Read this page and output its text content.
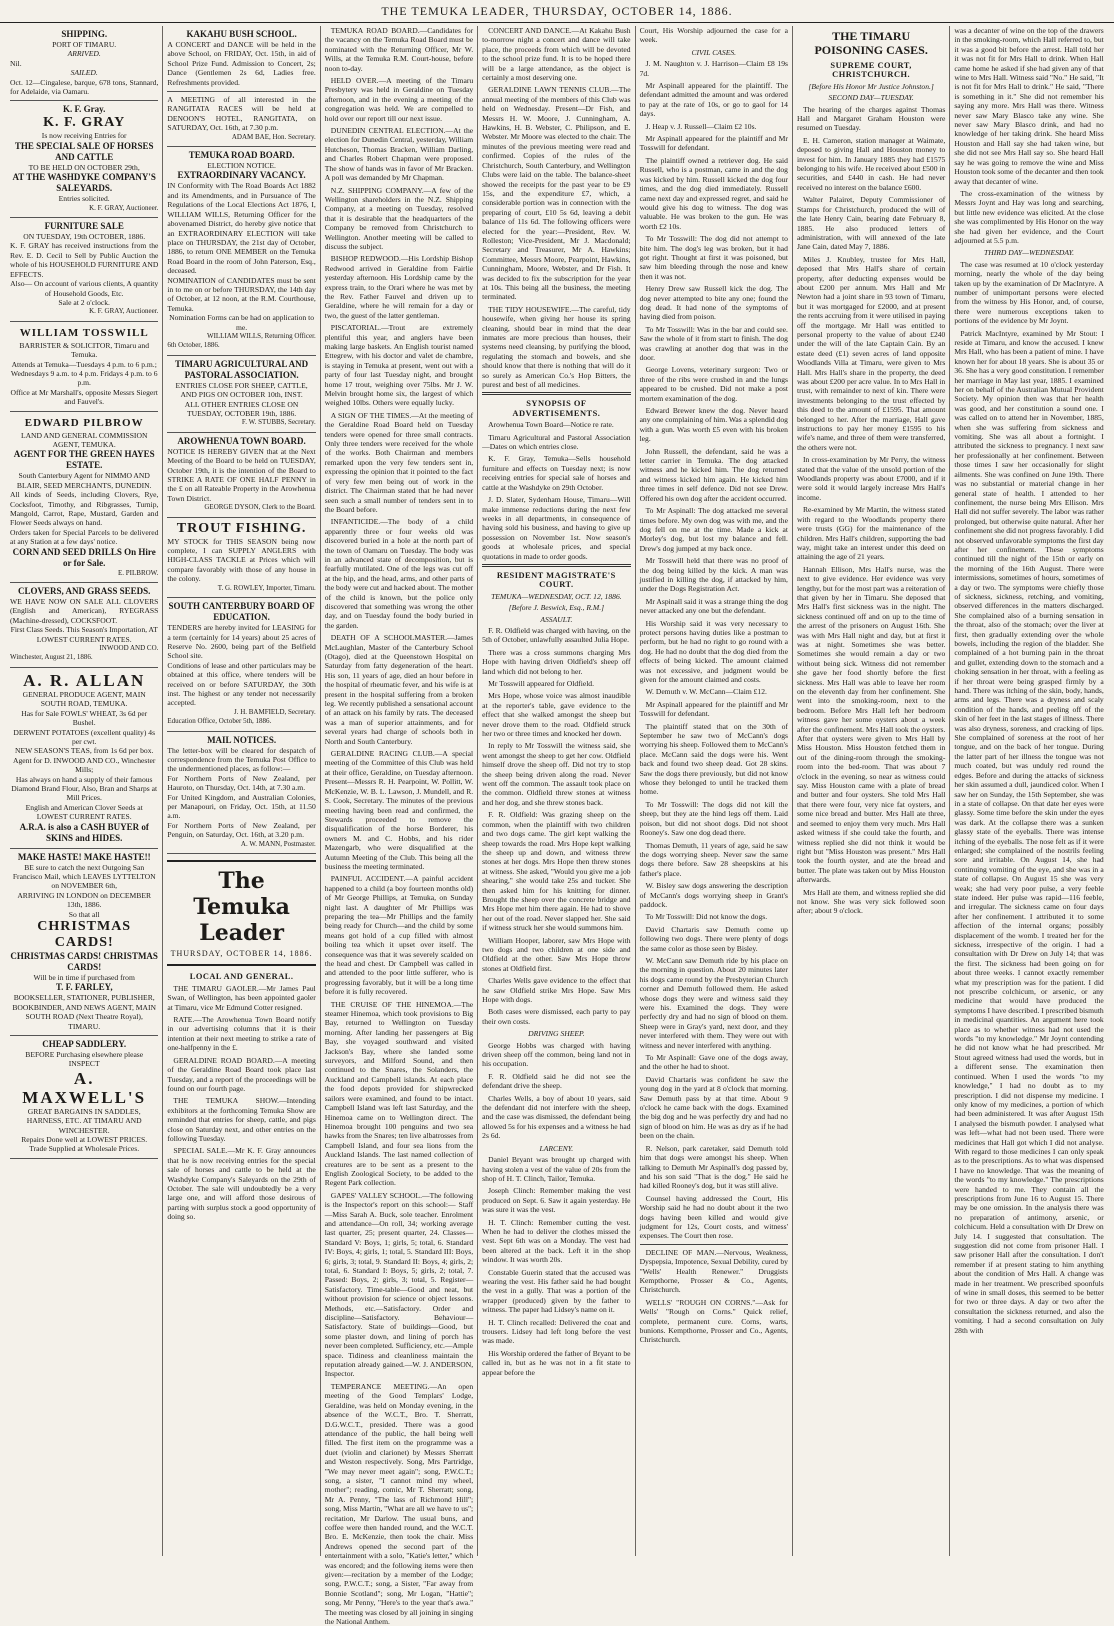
THE TEMUKA LEADER, THURSDAY, OCTOBER 14, 1886.
SHIPPING.
PORT OF TIMARU.
ARRIVED.
Nil.
SAILED.
Oct. 12—Cingalese, barque, 678 tons, Stannard, for Adelaide, via Oamaru.
K. F. Gray.
K. F. GRAY
Is now receiving Entries for
THE SPECIAL SALE OF HORSES AND CATTLE
TO BE HELD ON OCTOBER 29th,
AT THE WASHDYKE COMPANY'S SALEYARDS.
Entries solicited.
K. F. GRAY, Auctioneer.
FURNITURE SALE
ON TUESDAY, 19th OCTOBER, 1886.
K. F. GRAY has received instructions from the Rev. E. D. Cecil to Sell by Public Auction the whole of his HOUSEHOLD FURNITURE AND EFFECTS.
Also— On account of various clients, A quantity of Household Goods, Etc.
Sale at 2 o'clock.
K. F. GRAY, Auctioneer.
WILLIAM TOSSWILL
BARRISTER & SOLICITOR, Timaru and Temuka.
Attends at Temuka—Tuesdays 4 p.m. to 6 p.m.; Wednesdays 9 a.m. to 4 p.m. Fridays 4 p.m. to 6 p.m.
Office at Mr Marshall's, opposite Messrs Siegert and Fauvel's.
EDWARD PILBROW
LAND AND GENERAL COMMISSION AGENT, TEMUKA.
AGENT FOR THE GREEN HAYES ESTATE.
South Canterbury Agent for NIMMO AND BLAIR, SEED MERCHANTS, DUNEDIN.
All kinds of Seeds, including Clovers, Rye, Cocksfoot, Timothy, and Ribgrasses, Turnip, Mangold, Carrot, Rape, Mustard, Garden and Flower Seeds always on hand.
Orders taken for Special Parcels to be delivered at any Station at a few days' notice.
CORN AND SEED DRILLS On Hire or for Sale.
E. PILBROW.
CLOVERS, AND GRASS SEEDS.
WE HAVE NOW ON SALE ALL CLOVERS (English and American), RYEGRASS (Machine-dressed), COCKSFOOT.
First Class Seeds. This Season's Importation, AT LOWEST CURRENT RATES.
INWOOD AND CO.
Winchester, August 21, 1886.
A. R. ALLAN
GENERAL PRODUCE AGENT, MAIN SOUTH ROAD, TEMUKA.
Has for Sale FOWLS' WHEAT, 3s 6d per Bushel.
DERWENT POTATOES (excellent quality) 4s per cwt.
NEW SEASON'S TEAS, from 1s 6d per box.
Agent for D. INWOOD AND CO., Winchester Mills;
Has always on hand a supply of their famous Diamond Brand Flour, Also, Bran and Sharps at Mill Prices.
English and American Clover Seeds at LOWEST CURRENT RATES.
A.R.A. is also a CASH BUYER of SKINS and HIDES.
MAKE HASTE! MAKE HASTE!!
BE sure to catch the next Outgoing San Francisco Mail, which LEAVES LYTTELTON on NOVEMBER 6th,
ARRIVING IN LONDON on DECEMBER 13th, 1886.
So that all
CHRISTMAS CARDS!
CHRISTMAS CARDS! CHRISTMAS CARDS!
Will be in time if purchased from
T. F. FARLEY,
BOOKSELLER, STATIONER, PUBLISHER, BOOKBINDER, AND NEWS AGENT, MAIN SOUTH ROAD (Next Theatre Royal), TIMARU.
CHEAP SADDLERY.
BEFORE Purchasing elsewhere please INSPECT
A. MAXWELL'S
GREAT BARGAINS IN SADDLES, HARNESS, ETC. AT TIMARU AND WINCHESTER.
Repairs Done well at LOWEST PRICES.
Trade Supplied at Wholesale Prices.
KAKAHU BUSH SCHOOL.
A CONCERT and DANCE will be held in the above School, on FRIDAY, Oct. 15th, in aid of School Prize Fund. Admission to Concert, 2s; Dance (Gentlemen 2s 6d, Ladies free. Refreshments provided.
A MEETING of all interested in the RANGITATA RACES will be held at DENOON'S HOTEL, RANGITATA, on SATURDAY, Oct. 16th, at 7.30 p.m.
ADAM BAE, Hon. Secretary.
TEMUKA ROAD BOARD.
ELECTION NOTICE.
EXTRAORDINARY VACANCY.
IN Conformity with The Road Boards Act 1882 and its Amendments, and in Pursuance of The Regulations of the Local Elections Act 1876, I, WILLIAM WILLS, Returning Officer for the abovenamed District, do hereby give notice that an EXTRAORDINARY ELECTION will take place on THURSDAY, the 21st day of October, 1886, to return ONE MEMBER on the Temuka Road Board in the room of John Paterson, Esq., deceased.
NOMINATION of CANDIDATES must be sent in to me on or before THURSDAY, the 14th day of October, at 12 noon, at the R.M. Courthouse, Temuka.
Nomination Forms can be had on application to me.
WILLIAM WILLS, Returning Officer.
6th October, 1886.
TIMARU AGRICULTURAL AND PASTORAL ASSOCIATION.
ENTRIES CLOSE FOR SHEEP, CATTLE, AND PIGS ON OCTOBER 10th, INST.
ALL OTHER ENTRIES CLOSE ON TUESDAY, OCTOBER 19th, 1886.
F. W. STUBBS, Secretary.
AROWHENUA TOWN BOARD.
NOTICE IS HEREBY GIVEN that at the Next Meeting of the Board to be held on TUESDAY, October 19th, it is the intention of the Board to STRIKE A RATE OF ONE HALF PENNY in the £ on all Rateable Property in the Arowhenua Town District.
GEORGE DYSON, Clerk to the Board.
TROUT FISHING.
MY STOCK for THIS SEASON being now complete, I can SUPPLY ANGLERS with HIGH-CLASS TACKLE at Prices which will compare favorably with those of any house in the colony.
T. G. ROWLEY, Importer, Timaru.
SOUTH CANTERBURY BOARD OF EDUCATION.
TENDERS are hereby invited for LEASING for a term (certainly for 14 years) about 25 acres of Reserve No. 2600, being part of the Belfield School site.
Conditions of lease and other particulars may be obtained at this office, where tenders will be received on or before SATURDAY, the 30th inst. The highest or any tender not necessarily accepted.
J. H. BAMFIELD, Secretary.
Education Office, October 5th, 1886.
MAIL NOTICES.
The letter-box will be cleared for despatch of correspondence from the Temuka Post Office to the undermentioned places, as follow:—
For Northern Ports of New Zealand, per Hauroto, on Thursday, Oct. 14th, at 7.30 a.m.
For United Kingdom, and Australian Colonies, per Manapouri, on Friday, Oct. 15th, at 11.50 a.m.
For Northern Ports of New Zealand, per Penguin, on Saturday, Oct. 16th, at 3.20 p.m.
A. W. MANN, Postmaster.
The Temuka Leader
THURSDAY, OCTOBER 14, 1886.
LOCAL AND GENERAL.

THE TIMARU GAOLER.—Mr James Paul Swan, of Wellington, has been appointed gaoler at Timaru, vice Mr Edmund Cotter resigned.

RATE.—The Arowhenua Town Board notify in our advertising columns that it is their intention at their next meeting to strike a rate of one-halfpenny in the £.

GERALDINE ROAD BOARD.—A meeting of the Geraldine Road Board took place last Tuesday, and a report of the proceedings will be found on our fourth page.

THE TEMUKA SHOW.—Intending exhibitors at the forthcoming Temuka Show are reminded that entries for sheep, cattle, and pigs close on Saturday next, and other entries on the following Tuesday.

SPECIAL SALE.—Mr K. F. Gray announces that he is now receiving entries for the special sale of horses and cattle to be held at the Washdyke Company's Saleyards on the 29th of October. The sale will undoubtedly be a very large one, and will afford those desirous of parting with surplus stock a good opportunity of doing so.

TEMUKA ROAD BOARD.—Candidates for the vacancy on the Temuka Road Board must be nominated with the Returning Officer, Mr W. Wills, at the Temuka R.M. Court-house, before noon to-day.

HELD OVER.—A meeting of the Timaru Presbytery was held in Geraldine on Tuesday afternoon, and in the evening a meeting of the congregation was held. We are compelled to hold over our report till our next issue.

DUNEDIN CENTRAL ELECTION.—At the election for Dunedin Central, yesterday, William Hutcheson, Thomas Bracken, William Darling, and Charles Robert Chapman were proposed. The show of hands was in favor of Mr Bracken. A poll was demanded by Mr Chapman.

N.Z. SHIPPING COMPANY.—A few of the Wellington shareholders in the N.Z. Shipping Company, at a meeting on Tuesday, resolved that it is desirable that the headquarters of the Company be removed from Christchurch to Wellington. Another meeting will be called to discuss the subject.

BISHOP REDWOOD.—His Lordship Bishop Redwood arrived in Geraldine from Fairlie yesterday afternoon. His Lordship came by the express train, to the Orari where he was met by the Rev. Father Fauvel and driven up to Geraldine, where he will remain for a day or two, the guest of the latter gentleman.

PISCATORIAL.—Trout are extremely plentiful this year, and anglers have been making large baskets. An English tourist named Ettegrew, with his doctor and valet de chambre, is staying in Temuka at present, went out with a party of four last Tuesday night, and brought home 17 trout, weighing over 75lbs. Mr J. W. Melvin brought home six, the largest of which weighed 10lbs. Others were equally lucky.

A SIGN OF THE TIMES.—At the meeting of the Geraldine Road Board held on Tuesday tenders were opened for three small contracts. Only three tenders were received for the whole of the works. Both Chairman and members remarked upon the very few tenders sent in, expressing the opinion that it pointed to the fact of very few men being out of work in the district. The Chairman stated that he had never seen such a small number of tenders sent in to the Board before.

INFANTICIDE.—The body of a child apparently three or four weeks old was discovered buried in a hole at the north part of the town of Oamaru on Tuesday. The body was in an advanced state of decomposition, but is fearfully mutilated. One of the legs was cut off at the hip, and the head, arms, and other parts of the body were cut and hacked about. The mother of the child is known, but the police only discovered that something was wrong the other day, and on Tuesday found the body buried in the garden.

DEATH OF A SCHOOLMASTER.—James McLaughlan, Master of the Canterbury School (Otago), died at the Queenstown Hospital on Saturday from fatty degeneration of the heart. His son, 11 years of age, died an hour before in the hospital of rheumatic fever, and his wife is at present in the hospital suffering from a broken leg. We recently published a sensational account of an attack on his family by rats. The deceased was a man of superior attainments, and for several years had charge of schools both in North and South Canterbury.

GERALDINE RACING CLUB.—A special meeting of the Committee of this Club was held at their office, Geraldine, on Tuesday afternoon. Present—Messrs R. H. Pearpoint, W. Pollitt, W. McKenzie, W. B. L. Lawson, J. Mundell, and R. S. Cook, Secretary. The minutes of the previous meeting having been read and confirmed, the Stewards proceeded to remove the disqualification of the horse Borderer, his owners M. and C. Hobbs, and his rider Mazengarb, who were disqualified at the Autumn Meeting of the Club. This being all the business the meeting terminated.

PAINFUL ACCIDENT.—A painful accident happened to a child (a boy fourteen months old) of Mr George Phillips, at Temuka, on Sunday night last. A daughter of Mr Phillips was preparing the tea—Mr Phillips and the family being ready for Church—and the child by some means got hold of a cup filled with almost boiling tea which it upset over itself. The consequence was that it was severely scalded on the head and chest. Dr Campbell was called in and attended to the poor little sufferer, who is progressing favorably, but it will be a long time before it is fully recovered.

THE CRUISE OF THE HINEMOA.—The steamer Hinemoa, which took provisions to Big Bay, returned to Wellington on Tuesday morning. After landing her passengers at Big Bay, she voyaged southward and visited Jackson's Bay, where she landed some surveyors, and Milford Sound, and then continued to the Snares, the Solanders, the Auckland and Campbell islands. At each place the food depots provided for shipwrecked sailors were examined, and found to be intact. Campbell Island was left last Saturday, and the Hinemoa came on to Wellington direct. The Hinemoa brought 100 penguins and two sea hawks from the Snares; ten live albatrosses from Campbell Island, and four sea lions from the Auckland Islands. The last named collection of creatures are to be sent as a present to the English Zoological Society, to be added to the Regent Park collection.

GAPES' VALLEY SCHOOL.—The following is the Inspector's report on this school:— Staff—Miss Sarah A. Buck, sole teacher. Enrolment and attendance—On roll, 34; working average last quarter, 25; present quarter, 24. Classes—Standard V: Boys, 1; girls, 5; total, 6. Standard IV: Boys, 4; girls, 1; total, 5. Standard III: Boys, 6; girls, 3; total, 9. Standard II: Boys, 4; girls, 2; total, 6. Standard I: Boys, 5; girls, 2; total, 7. Passed: Boys, 2; girls, 3; total, 5. Register—Satisfactory. Time-table—Good and neat, but without provision for science or object lessons. Methods, etc.—Satisfactory. Order and discipline—Satisfactory. Behaviour—Satisfactory. State of buildings—Good, but some plaster down, and lining of porch has never been completed. Sufficiency, etc.—Ample space. Tidiness and cleanliness maintain the reputation already gained.—W. J. ANDERSON, Inspector.

TEMPERANCE MEETING.—An open meeting of the Good Templars' Lodge, Geraldine, was held on Monday evening, in the absence of the W.C.T., Bro. T. Sherratt, D.G.W.C.T., presided. There was a good attendance of the public, the hall being well filled. The first item on the programme was a duet (violin and clarionet) by Messrs Sherratt and Weston respectively. Song, Mrs Partridge, "We may never meet again"; song, P.W.C.T.; song, a sister, "I cannot mind my wheel, mother"; reading, comic, Mr T. Sherratt; song, Mr A. Penny, "The lass of Richmond Hill"; song, Miss Martin, "What are all we have to us"; recitation, Mr Darlow. The usual buns, and coffee were then handed round, and the W.C.T. Bro. E. McKenzie, then took the chair. Miss Andrews opened the second part of the entertainment with a solo, "Katie's letter," which was encored; and the following items were then given:—recitation by a member of the Lodge; song, P.W.C.T.; song, a Sister, "Far away from Bonnie Scotland"; song, Mr Logan, "Hattie"; song, Mr Penny, "Here's to the year that's awa." The meeting was closed by all joining in singing the National Anthem.

CONCERT AND DANCE.—At Kakahu Bush to-morrow night a concert and dance will take place, the proceeds from which will be devoted to the school prize fund. It is to be hoped there will be a large attendance, as the object is certainly a most deserving one.

GERALDINE LAWN TENNIS CLUB.—The annual meeting of the members of this Club was held on Wednesday. Present—Dr Fish, and Messrs H. W. Moore, J. Cunningham, A. Hawkins, H. B. Webster, C. Philipson, and E. Webster. Mr Moore was elected to the chair. The minutes of the previous meeting were read and confirmed. Copies of the rules of the Christchurch, South Canterbury, and Wellington Clubs were laid on the table. The balance-sheet showed the receipts for the past year to be £9 15s, and the expenditure £7, which, a considerable portion was in connection with the preparing of court, £10 5s 6d, leaving a debit balance of 11s 6d. The following officers were elected for the year:—President, Rev. W. Rolleston; Vice-President, Mr J. Macdonald; Secretary and Treasurer, Mr A. Hawkins; Committee, Messrs Moore, Pearpoint, Hawkins, Cunningham, Moore, Webster, and Dr Fish. It was decided to fix the subscription for the year at 10s. This being all the business, the meeting terminated.

THE TIDY HOUSEWIFE.—The careful, tidy housewife, when giving her house its spring cleaning, should bear in mind that the dear inmates are more precious than houses, their systems need cleansing, by purifying the blood, regulating the stomach and bowels, and she should know that there is nothing that will do it so surely as American Co.'s Hop Bitters, the purest and best of all medicines.

SYNOPSIS OF ADVERTISEMENTS.

Arowhenua Town Board—Notice re rate.

Timaru Agricultural and Pastoral Association—Dates on which entries close.

K. F. Gray, Temuka—Sells household furniture and effects on Tuesday next; is now receiving entries for special sale of horses and cattle at the Washdyke on 29th October.

J. D. Slater, Sydenham House, Timaru—Will make immense reductions during the next few weeks in all departments, in consequence of having sold his business, and having to give up possession on November 1st. Now season's goods at wholesale prices, and special quotations in made to order goods.

RESIDENT MAGISTRATE'S COURT.
TEMUKA—WEDNESDAY, OCT. 12, 1886.
[Before J. Beswick, Esq., R.M.]
ASSAULT.

F. R. Oldfield was charged with having, on the 5th of October, unlawfully assaulted Julia Hope.

There was a cross summons charging Mrs Hope with having driven Oldfield's sheep off land which did not belong to her.

Mr Tosswill appeared for Oldfield.

Mrs Hope, whose voice was almost inaudible at the reporter's table, gave evidence to the effect that she walked amongst the sheep but never drove them to the road. Oldfield struck her two or three times and knocked her down.

In reply to Mr Tosswill the witness said, she went amongst the sheep to get her cow. Oldfield himself drove the sheep off. Did not try to stop the sheep being driven along the road. Never went off the common. The assault took place on the common. Oldfield threw stones at witness and her dog, and she threw stones back.

F. R. Oldfield: Was grazing sheep on the common, when the plaintiff with two children and two dogs came. The girl kept walking the sheep towards the road. Mrs Hope kept walking the sheep up and down, and witness threw stones at her dogs. Mrs Hope then threw stones at witness. She asked, "Would you give me a job shearing," she would take 25s and tucker. She then asked him for his knitting for dinner. Brought the sheep over the concrete bridge and Mrs Hope met him there again. He had to shove her out of the road. Never slapped her. She said if witness struck her she would summons him.

William Hooper, laborer, saw Mrs Hope with two dogs and two children at one side and Oldfield at the other. Saw Mrs Hope throw stones at Oldfield first.

Charles Wells gave evidence to the effect that he saw Oldfield strike Mrs Hope. Saw Mrs Hope with dogs.

Both cases were dismissed, each party to pay their own costs.

DRIVING SHEEP.

George Hobbs was charged with having driven sheep off the common, being land not in his occupation.

F. R. Oldfield said he did not see the defendant drive the sheep.

Charles Wells, a boy of about 10 years, said the defendant did not interfere with the sheep, and the case was dismissed, the defendant being allowed 5s for his expenses and a witness he had 2s 6d.

LARCENY.

Daniel Bryant was brought up charged with having stolen a vest of the value of 20s from the shop of H. T. Clinch, Tailor, Temuka.

Joseph Clinch: Remember making the vest produced on Sept. 6. Saw it again yesterday. He was sure it was the vest.

H. T. Clinch: Remember cutting the vest. When he had to deliver the clothes missed the vest. Sept 6th was on a Monday. The vest had been altered at the back. Left it in the shop window. It was worth 20s.

Constable Guerin stated that the accused was wearing the vest. His father said he had bought the vest in a gully. That was a portion of the wrapper (produced) given by the father to witness. The paper had Lidsey's name on it.

H. T. Clinch recalled: Delivered the coat and trousers. Lidsey had left long before the vest was made.

His Worship ordered the father of Bryant to be called in, but as he was not in a fit state to appear before the

Court, His Worship adjourned the case for a week.

CIVIL CASES.

J. M. Naughton v. J. Harrison—Claim £8 19s 7d.

Mr Aspinall appeared for the plaintiff. The defendant admitted the amount and was ordered to pay at the rate of 10s, or go to gaol for 14 days.

J. Heap v. J. Russell—Claim £2 10s.

Mr Aspinall appeared for the plaintiff and Mr Tosswill for defendant.

The plaintiff owned a retriever dog. He said Russell, who is a postman, came in and the dog was kicked by him. Russell kicked the dog four times, and the dog died immediately. Russell came next day and expressed regret, and said he would give his dog to witness. The dog was valuable. He was broken to the gun. He was worth £2 10s.

To Mr Tosswill: The dog did not attempt to bite him. The dog's leg was broken, but it had got right. Thought at first it was poisoned, but saw him bleeding through the nose and knew then it was not.

Henry Drew saw Russell kick the dog. The dog never attempted to bite any one; found the dog dead. It had none of the symptoms of having died from poison.

To Mr Tosswill: Was in the bar and could see. Saw the whole of it from start to finish. The dog was crawling at another dog that was in the door.

George Lovens, veterinary surgeon: Two or three of the ribs were crushed in and the lungs appeared to be crushed. Did not make a post mortem examination of the dog.

Edward Brewer knew the dog. Never heard any one complaining of him. Was a splendid dog with a gun. Was worth £5 even with his broken leg.

John Russell, the defendant, said he was a letter carrier in Temuka. The dog attacked witness and he kicked him. The dog returned and witness kicked him again. He kicked him three times in self defence. Did not see Drew. Offered his own dog after the accident occurred.

To Mr Aspinall: The dog attacked me several times before. My own dog was with me, and the dog fell on me at the time. Made a kick at Morley's dog, but lost my balance and fell. Drew's dog jumped at my back once.

Mr Tosswill held that there was no proof of the dog being killed by the kick. A man was justified in killing the dog, if attacked by him, under the Dogs Registration Act.

Mr Aspinall said it was a strange thing the dog never attacked any one but the defendant.

His Worship said it was very necessary to protect persons having duties like a postman to perform, but he had no right to go round with a dog. He had no doubt that the dog died from the effects of being kicked. The amount claimed was not excessive, and judgment would be given for the amount claimed and costs.

W. Demuth v. W. McCann—Claim £12.

Mr Aspinall appeared for the plaintiff and Mr Tosswill for defendant.

The plaintiff stated that on the 30th of September he saw two of McCann's dogs worrying his sheep. Followed them to McCann's place. McCann said the dogs were his. Went back and found two sheep dead. Got 28 skins. Saw the dogs there previously, but did not know whose they belonged to until he tracked them home.

To Mr Tosswill: The dogs did not kill the sheep, but they ate the hind legs off them. Laid poison, but did not shoot dogs. Did not shoot Rooney's. Saw one dog dead there.

Thomas Demuth, 11 years of age, said he saw the dogs worrying sheep. Never saw the same dogs there before. Saw 28 sheepskins at his father's place.

W. Bisley saw dogs answering the description of McCann's dogs worrying sheep in Grant's paddock.

To Mr Tosswill: Did not know the dogs.

David Chartaris saw Demuth come up following two dogs. There were plenty of dogs the same color as those seen by Bisley.

W. McCann saw Demuth ride by his place on the morning in question. About 20 minutes later his dogs came round by the Presbyterian Church corner and Demuth followed them. He asked whose dogs they were and witness said they were his. Examined the dogs. They were perfectly dry and had no sign of blood on them. Sheep were in Gray's yard, next door, and they never interfered with them. They were out with witness and never interfered with anything.

To Mr Aspinall: Gave one of the dogs away, and the other he had to shoot.

David Chartaris was confident he saw the young dog in the yard at 8 o'clock that morning. Saw Demuth pass by at that time. About 9 o'clock he came back with the dogs. Examined the big dog and he was perfectly dry and had no sign of blood on him. He was as dry as if he had been on the chain.

R. Nelson, park caretaker, said Demuth told him that dogs were amongst his sheep. When talking to Demuth Mr Aspinall's dog passed by, and his son said "That is the dog." He said he had killed Rooney's dog, but it was still alive.

Counsel having addressed the Court, His Worship said he had no doubt about it the two dogs having been killed and would give judgment for 12s, Court costs, and witness' expenses. The Court then rose.

DECLINE OF MAN.—Nervous, Weakness, Dyspepsia, Impotence, Sexual Debility, cured by "Wells' Health Renewer." Druggists Kempthorne, Prosser & Co., Agents, Christchurch.

WELLS' "ROUGH ON CORNS."—Ask for Wells' "Rough on Corns." Quick relief, complete, permanent cure. Corns, warts, bunions. Kempthorne, Prosser and Co., Agents, Christchurch.

THE TIMARU POISONING CASES.
SUPREME COURT, CHRISTCHURCH.
[Before His Honor Mr Justice Johnston.]
SECOND DAY—TUESDAY.

The hearing of the charges against Thomas Hall and Margaret Graham Houston were resumed on Tuesday.

E. H. Cameron, station manager at Waimate, deposed to giving Hall and Houston money to invest for him. In January 1885 they had £1575 belonging to his wife. He received about £500 in securities, and £440 in cash. He had never received no interest on the balance £600.

Walter Palairet, Deputy Commissioner of Stamps for Christchurch, produced the will of the late Henry Cain, bearing date February 8, 1885. He also produced letters of administration, with will annexed of the late Jane Cain, dated May 7, 1886.

Miles J. Knubley, trustee for Mrs Hall, deposed that Mrs Hall's share of certain property, after deducting expenses would be about £200 per annum. Mrs Hall and Mr Newton had a joint share in 93 town of Timaru, but it was mortgaged for £2000, and at present the rents accruing from it were utilised in paying off the mortgage. Mr Hall was entitled to personal property to the value of about £240 under the will of the late Captain Cain. By an estate deed (£1) seven acres of land opposite Woodlands Villa at Timaru, were given to Mrs Hall. Mrs Hall's share in the property, the deed was about £200 per acre value. In to Mrs Hall in trust, with remainder to next of kin. There were investments belonging to the trust effected by this deed to the amount of £1595. That amount belonged to her. After the marriage, Hall gave instructions to pay her money £1595 to his wife's name, and three of them were transferred, the others were not.

In cross-examination by Mr Perry, the witness stated that the value of the unsold portion of the Woodlands property was about £7000, and if it were sold it would largely increase Mrs Hall's income.

Re-examined by Mr Martin, the witness stated with regard to the Woodlands property there were trusts (GG) for the maintenance of the children. Mrs Hall's children, supporting the bad way, might take an interest under this deed on attaining the age of 21 years.

Hannah Ellison, Mrs Hall's nurse, was the next to give evidence. Her evidence was very lengthy, but for the most part was a reiteration of that given by her in Timaru. She deposed that Mrs Hall's first sickness was in the night. The sickness continued off and on up to the time of the arrest of the prisoners on August 16th. She was with Mrs Hall night and day, but at first it was at night. Sometimes she was better. Sometimes she would remain a day or two without being sick. Witness did not remember she gave her food shortly before the first sickness. Mrs Hall was able to leave her room on the eleventh day from her confinement. She went into the smoking-room, next to the bedroom. Before Mrs Hall left her bedroom witness gave her some oysters about a week after the confinement. Mrs Hall took the oysters. After that oysters were given to Mrs Hall by Miss Houston. Miss Houston fetched them in out of the dining-room through the smoking-room into the bed-room. That was about 7 o'clock in the evening, so near as witness could say. Miss Houston came with a plate of bread and butter and four oysters. She told Mrs Hall that there were four, very nice fat oysters, and some nice bread and butter. Mrs Hall ate three, and seemed to enjoy them very much. Mrs Hall asked witness if she could take the fourth, and witness replied she did not think it would be right but "Miss Houston was present." Mrs Hall took the fourth oyster, and ate the bread and butter. The plate was taken out by Miss Houston afterwards.

Mrs Hall ate them, and witness replied she did not know. She was very sick followed soon after; about 9 o'clock.

was a decanter of wine on the top of the drawers in the smoking-room, which Hall referred to, but it was a good bit before the arrest. Hall told her it was not fit for Mrs Hall to drink. When Hall came home he asked if she had given any of that wine to Mrs Hall. Witness said "No." He said, "It is not fit for Mrs Hall to drink." He said, "There is something in it." She did not remember his saying any more. Mrs Hall was there. Witness never saw Mary Blasco take any wine. She never saw Mary Blasco drink, and had no knowledge of her taking drink. She heard Miss Houston and Hall say she had taken wine, but she did not see Mrs Hall say so. She heard Hall say he was going to remove the wine and Miss Houston took some of the decanter and then took away that decanter of wine.

The cross-examination of the witness by Messrs Joynt and Hay was long and searching, but little new evidence was elicited. At the close she was complimented by His Honor on the way she had given her evidence, and the Court adjourned at 5.5 p.m.

THIRD DAY—WEDNESDAY.

The case was resumed at 10 o'clock yesterday morning, nearly the whole of the day being taken up by the examination of Dr MacIntyre. A number of unimportant persons were elected from the witness by His Honor, and, of course, there were numerous exceptions taken to portions of the evidence by Mr Joynt.

Patrick MacIntyre, examined by Mr Stout: I reside at Timaru, and know the accused. I knew Mrs Hall, who has been a patient of mine. I have known her for about 18 years. She is about 35 or 36. She has a very good constitution. I remember her marriage in May last year, 1885. I examined her on behalf of the Australian Mutual Provident Society. My opinion then was that her health was good, and her constitution a sound one. I was called on to attend her in November, 1885, when she was suffering from sickness and vomiting. She was all about a fortnight. I attributed the sickness to pregnancy. I next saw her professionally at her confinement. Between those times I saw her occasionally for slight ailments. She was confined on June 19th. There was no substantial or material change in her general state of health. I attended to her confinement, the nurse being Mrs Ellison. Mrs Hall did not suffer severely. The labor was rather prolonged, but otherwise quite natural. After her confinement she did not progress favorably. I did not observed unfavorable symptoms the first day after her confinement. These symptoms continued till the night of the 15th or early on the morning of the 16th August. There were intermissions, sometimes of hours, sometimes of a day or two. The symptoms were chiefly those of sickness, sickness, retching, and vomiting, observed differences in the matters discharged. She complained also of a burning sensation in the throat, also of the stomach; over the liver at first, then gradually extending over the whole bowels, including the region of the bladder. She complained of a hot burning pain in the throat and gullet, extending down to the stomach and a choking sensation in her throat, with a feeling as if her throat were being grasped firmly by a hand. There was itching of the skin, body, hands, arms and legs. There was a dryness and scaly condition of the hands, and peeling off of the skin of her feet in the last stages of illness. There was also dryness, soreness, and cracking of lips. She complained of soreness at the root of her tongue, and on the back of her tongue. During the latter part of her illness the tongue was not much coated, but was unduly red round the edges. Before and during the attacks of sickness her skin assumed a dull, jaundiced color. When I saw her on Sunday, the 15th September, she was in a state of collapse. On that date her eyes were glassy. Some time before the skin under the eyes was dark. At the collapse there was a sunken glassy state of the eyeballs. There was intense itching of the eyeballs. The nose felt as if it were enlarged; she complained of the nostrils feeling sore and irritable. On August 14, she had continuing vomiting of the eye, and she was in a state of collapse. On August 15 she was very weak; she had very poor pulse, a very feeble state indeed. Her pulse was rapid—116 feeble, and irregular. The sickness came on four days after her confinement. I attributed it to some affection of the internal organs; possibly displacement of the womb. I treated her for the sickness, irrespective of the origin. I had a consultation with Dr Drew on July 14; that was the first. The sickness had been going on for about three weeks. I cannot exactly remember what my prescription was for the patient. I did not prescribe colchicum, or arsenic, or any medicine that would have produced the symptoms I have described. I prescribed bismuth in medicinal quantities. An argument here took place as to whether witness had not used the words "to my knowledge." Mr Joynt contending he did not know what he had prescribed. Mr Stout agreed witness had used the words, but in a different sense. The examination then continued. When I used the words "to my knowledge," I had no doubt as to my prescription. I did not dispense my medicine. I only know of my medicines, a portion of which had been administered. It was after August 15th I analysed the bismuth powder. I analysed what was left—what had not been used. There were medicines that Hall got which I did not analyse. With regard to those medicines I can only speak as to the prescriptions. As to what was dispensed I have no knowledge. That was the meaning of the words "to my knowledge." The prescriptions were handed to me. They contain all the prescriptions from June 16 to August 15. There may be one omission. In the analysis there was no preparation of antimony, arsenic, or colchicum. Held a consultation with Dr Drew on July 14. I suggested that consultation. The suggestion did not come from prisoner Hall. I saw prisoner Hall after the consultation. I don't remember if at present stating to him anything about the condition of Mrs Hall. A change was made in her treatment. We prescribed spoonfuls of wine in small doses, this seemed to be better for two or three days. A day or two after the consultation the sickness returned, and also the vomiting. I had a second consultation on July 28th with
